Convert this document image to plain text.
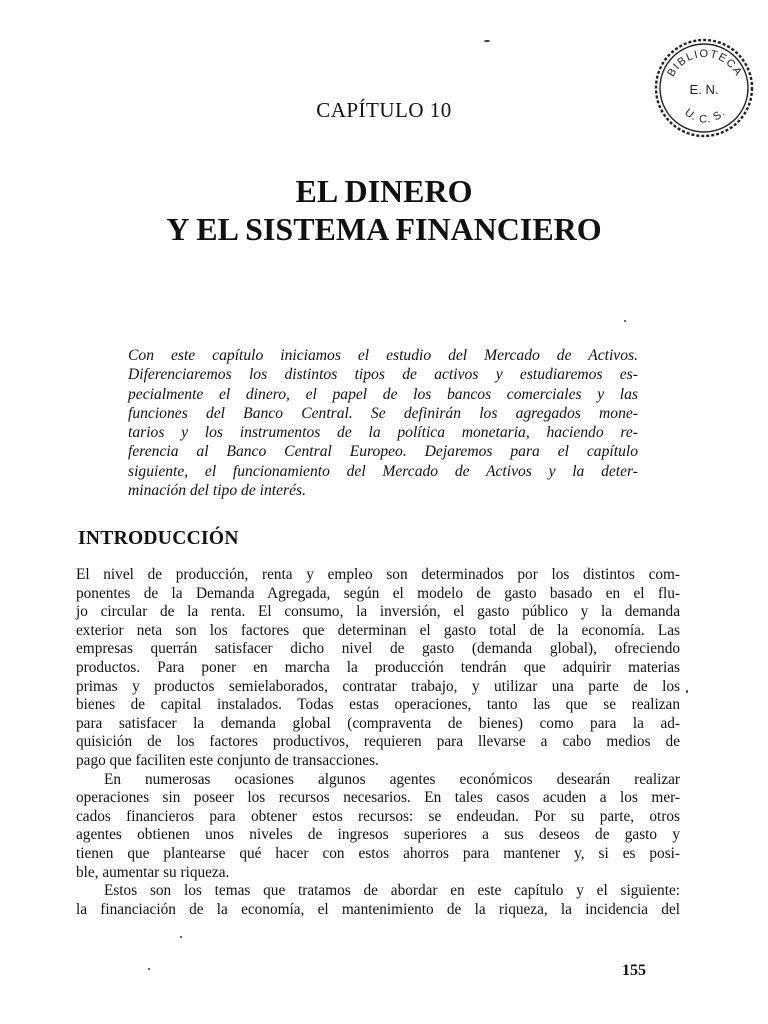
BIBLIOTECA
E. N.
U. C. S.
CAPÍTULO 10
EL DINERO
Y EL SISTEMA FINANCIERO
Con este capítulo iniciamos el estudio del Mercado de Activos.
Diferenciaremos los distintos tipos de activos y estudiaremos es-
pecialmente el dinero, el papel de los bancos comerciales y las
funciones del Banco Central. Se definirán los agregados mone-
tarios y los instrumentos de la política monetaria, haciendo re-
ferencia al Banco Central Europeo. Dejaremos para el capítulo
siguiente, el funcionamiento del Mercado de Activos y la deter-
minación del tipo de interés.
INTRODUCCIÓN
El nivel de producción, renta y empleo son determinados por los distintos com-
ponentes de la Demanda Agregada, según el modelo de gasto basado en el flu-
jo circular de la renta. El consumo, la inversión, el gasto público y la demanda
exterior neta son los factores que determinan el gasto total de la economía. Las
empresas querrán satisfacer dicho nivel de gasto (demanda global), ofreciendo
productos. Para poner en marcha la producción tendrán que adquirir materias
primas y productos semielaborados, contratar trabajo, y utilizar una parte de los
bienes de capital instalados. Todas estas operaciones, tanto las que se realizan
para satisfacer la demanda global (compraventa de bienes) como para la ad-
quisición de los factores productivos, requieren para llevarse a cabo medios de
pago que faciliten este conjunto de transacciones.
En numerosas ocasiones algunos agentes económicos desearán realizar
operaciones sin poseer los recursos necesarios. En tales casos acuden a los mer-
cados financieros para obtener estos recursos: se endeudan. Por su parte, otros
agentes obtienen unos niveles de ingresos superiores a sus deseos de gasto y
tienen que plantearse qué hacer con estos ahorros para mantener y, si es posi-
ble, aumentar su riqueza.
Estos son los temas que tratamos de abordar en este capítulo y el siguiente:
la financiación de la economía, el mantenimiento de la riqueza, la incidencia del
155
